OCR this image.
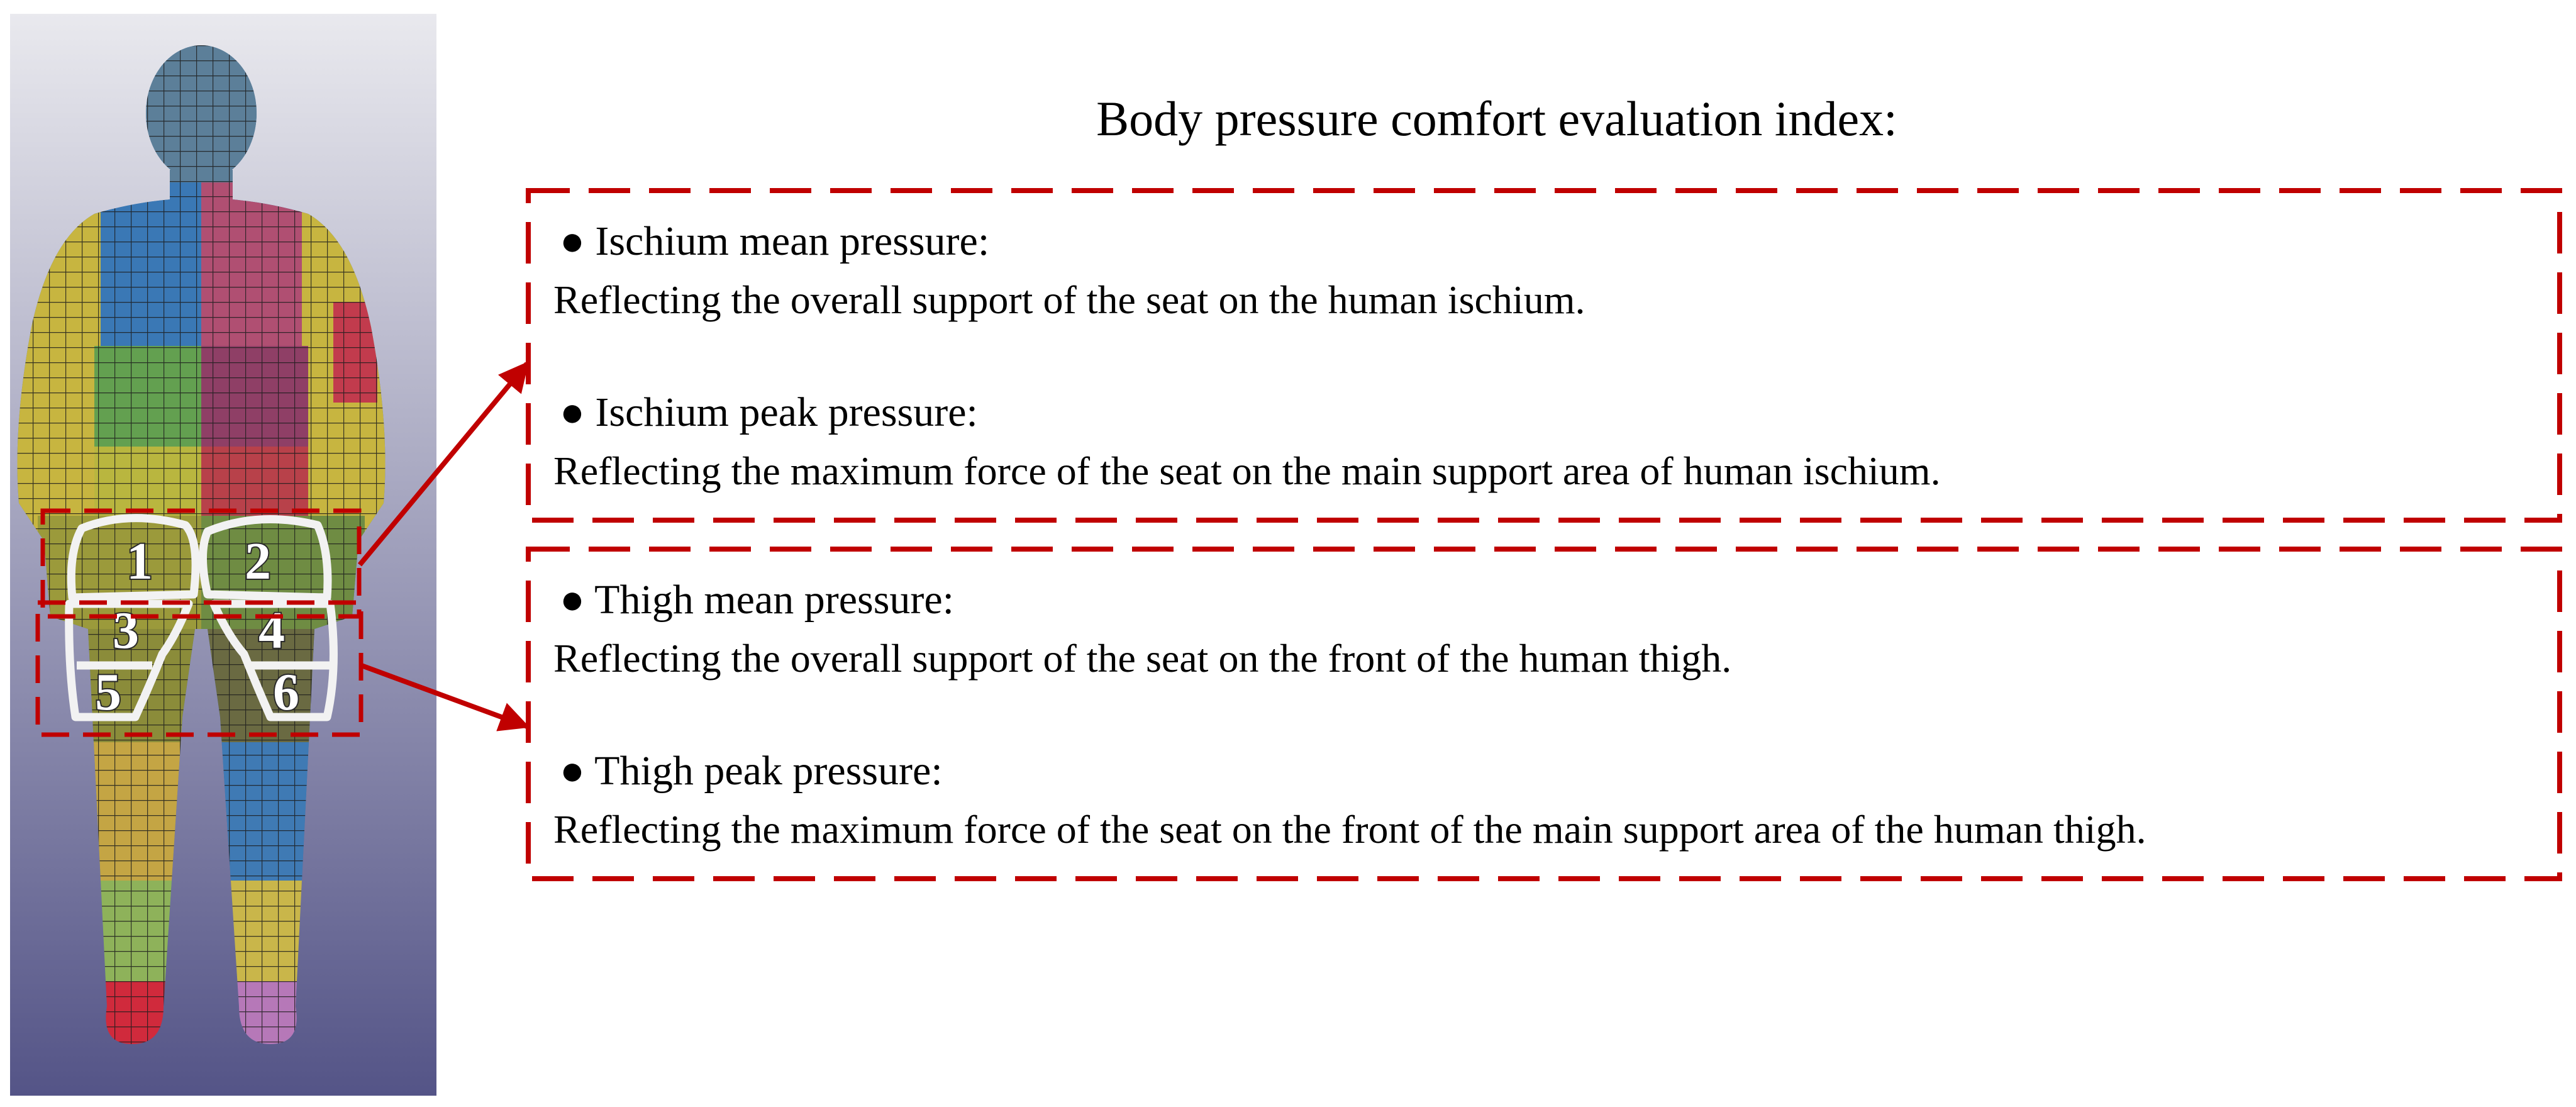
1 2
3 4
5	6
Body pressure comfort evaluation index:
● Ischium mean pressure:
Reflecting the overall support of the seat on the human ischium.
● Ischium peak pressure:
Reflecting the maximum force of the seat on the main support area of human ischium.
● Thigh mean pressure:
Reflecting the overall support of the seat on the front of the human thigh.
● Thigh peak pressure:
Reflecting the maximum force of the seat on the front of the main support area of the human thigh.
